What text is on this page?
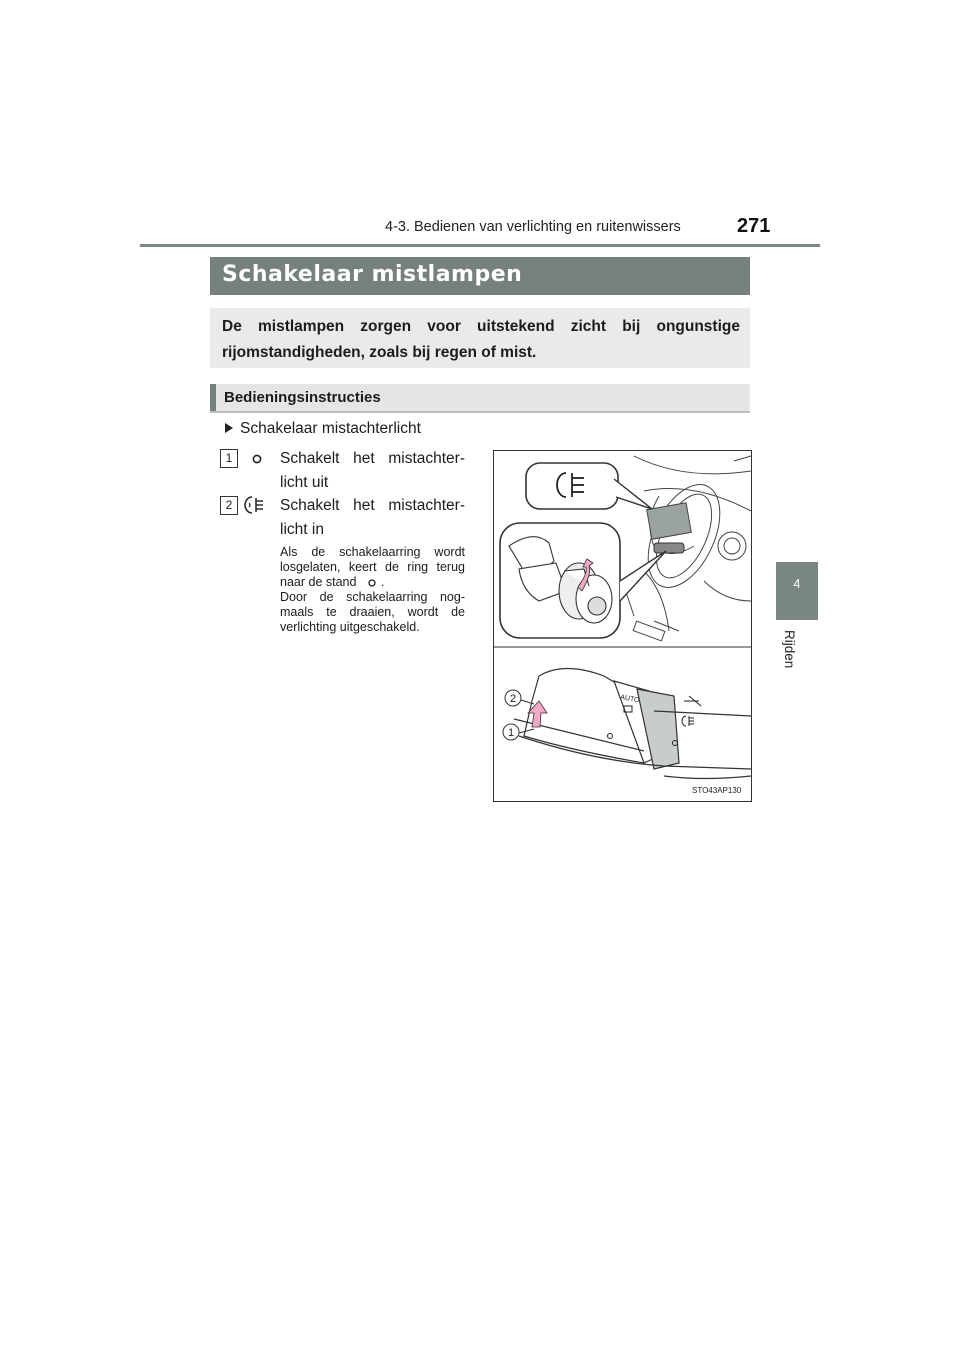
4-3. Bedienen van verlichting en ruitenwissers	271
4
Rijden
Schakelaar mistlampen
De mistlampen zorgen voor uitstekend zicht bij ongunstige rijomstandigheden, zoals bij regen of mist.
Bedieningsinstructies
Schakelaar mistachterlicht
1	Schakelt het mistachter- licht uit
2	Schakelt het mistachter- licht in
Als de schakelaarring wordt losgelaten, keert de ring terug naar de stand .
Door de schakelaarring nog- maals te draaien, wordt de verlichting uitgeschakeld.
AUTO
2
1
STO43AP130
